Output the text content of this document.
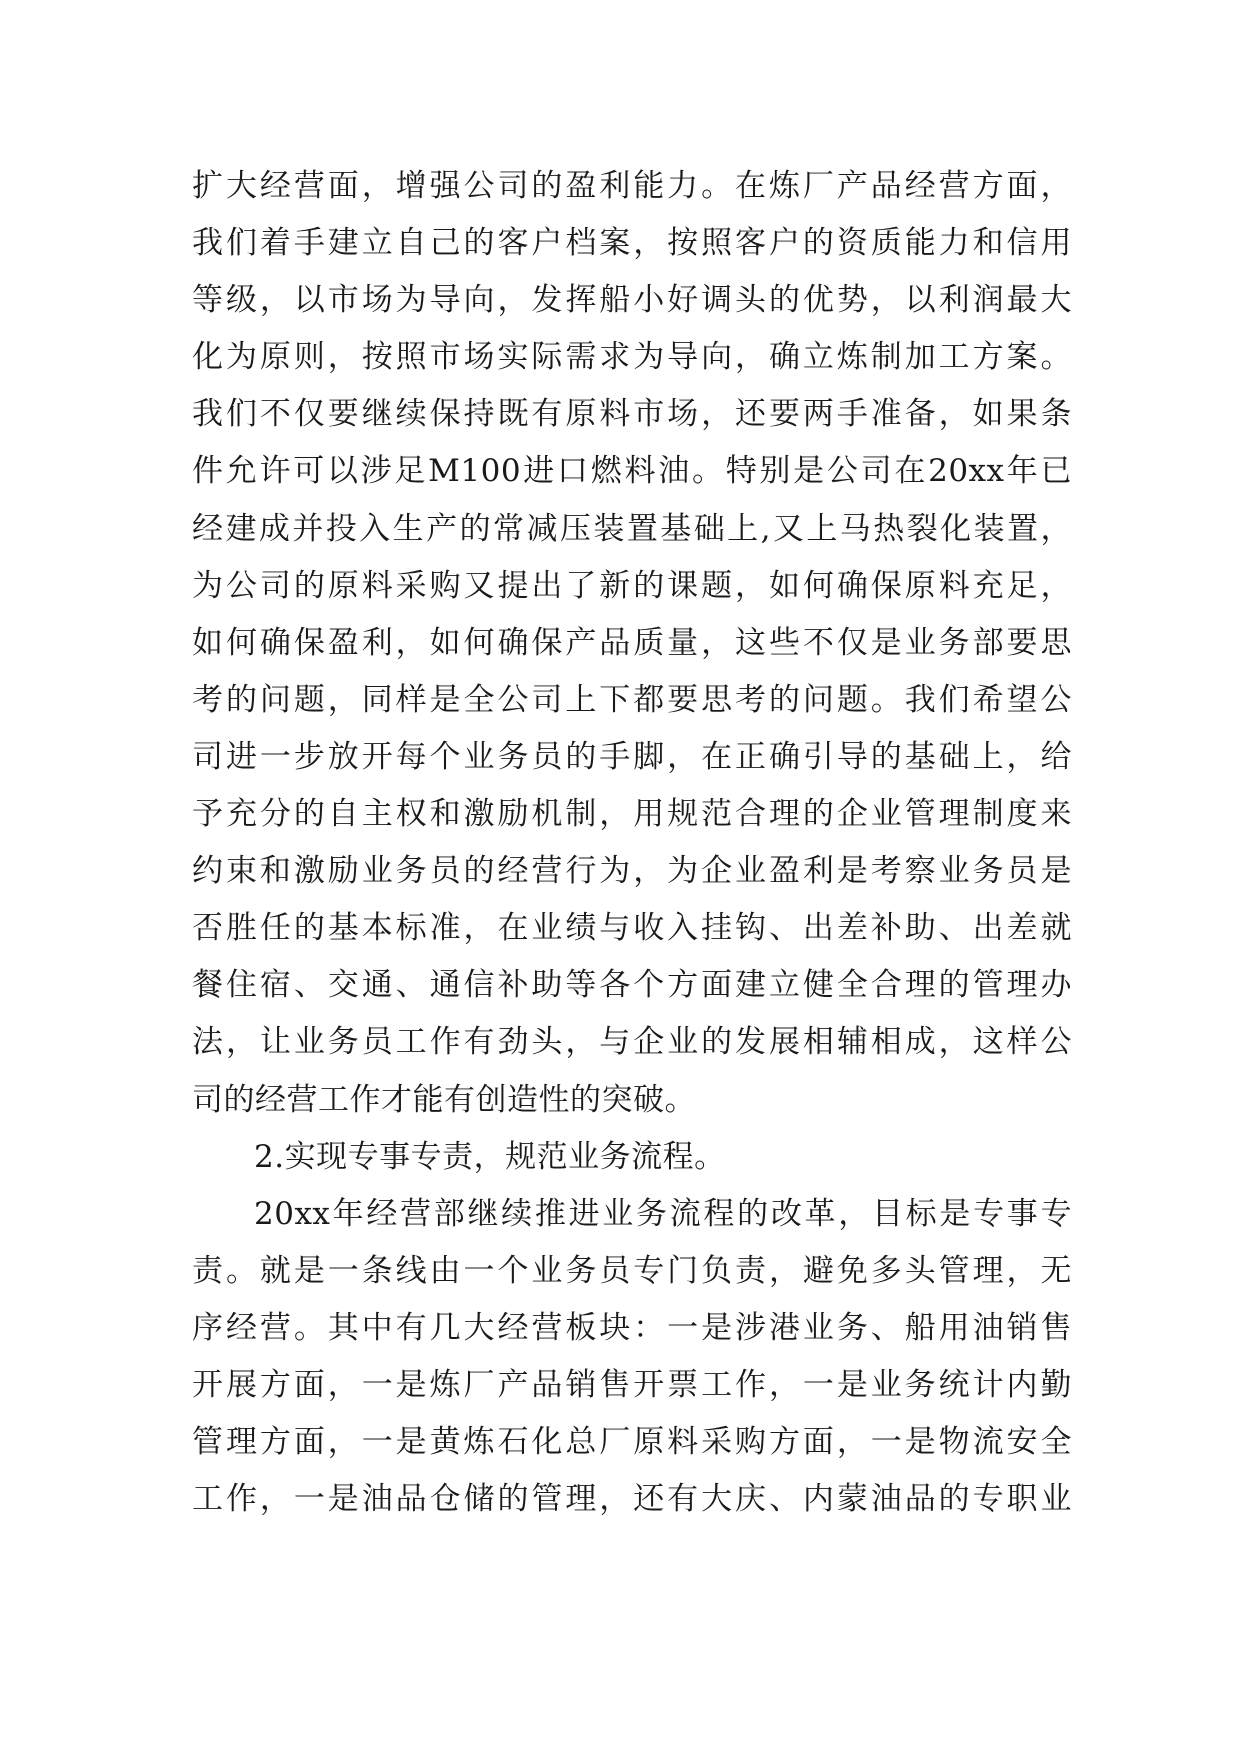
扩大经营面，增强公司的盈利能力。在炼厂产品经营方面，
我们着手建立自己的客户档案，按照客户的资质能力和信用
等级，以市场为导向，发挥船小好调头的优势，以利润最大
化为原则，按照市场实际需求为导向，确立炼制加工方案。
我们不仅要继续保持既有原料市场，还要两手准备，如果条
件允许可以涉足M100进口燃料油。特别是公司在20xx年已
经建成并投入生产的常减压装置基础上,又上马热裂化装置，
为公司的原料采购又提出了新的课题，如何确保原料充足，
如何确保盈利，如何确保产品质量，这些不仅是业务部要思
考的问题，同样是全公司上下都要思考的问题。我们希望公
司进一步放开每个业务员的手脚，在正确引导的基础上，给
予充分的自主权和激励机制，用规范合理的企业管理制度来
约束和激励业务员的经营行为，为企业盈利是考察业务员是
否胜任的基本标准，在业绩与收入挂钩、出差补助、出差就
餐住宿、交通、通信补助等各个方面建立健全合理的管理办
法，让业务员工作有劲头，与企业的发展相辅相成，这样公
司的经营工作才能有创造性的突破。
2.实现专事专责，规范业务流程。
20xx年经营部继续推进业务流程的改革，目标是专事专
责。就是一条线由一个业务员专门负责，避免多头管理，无
序经营。其中有几大经营板块：一是涉港业务、船用油销售
开展方面，一是炼厂产品销售开票工作，一是业务统计内勤
管理方面，一是黄炼石化总厂原料采购方面，一是物流安全
工作，一是油品仓储的管理，还有大庆、内蒙油品的专职业
